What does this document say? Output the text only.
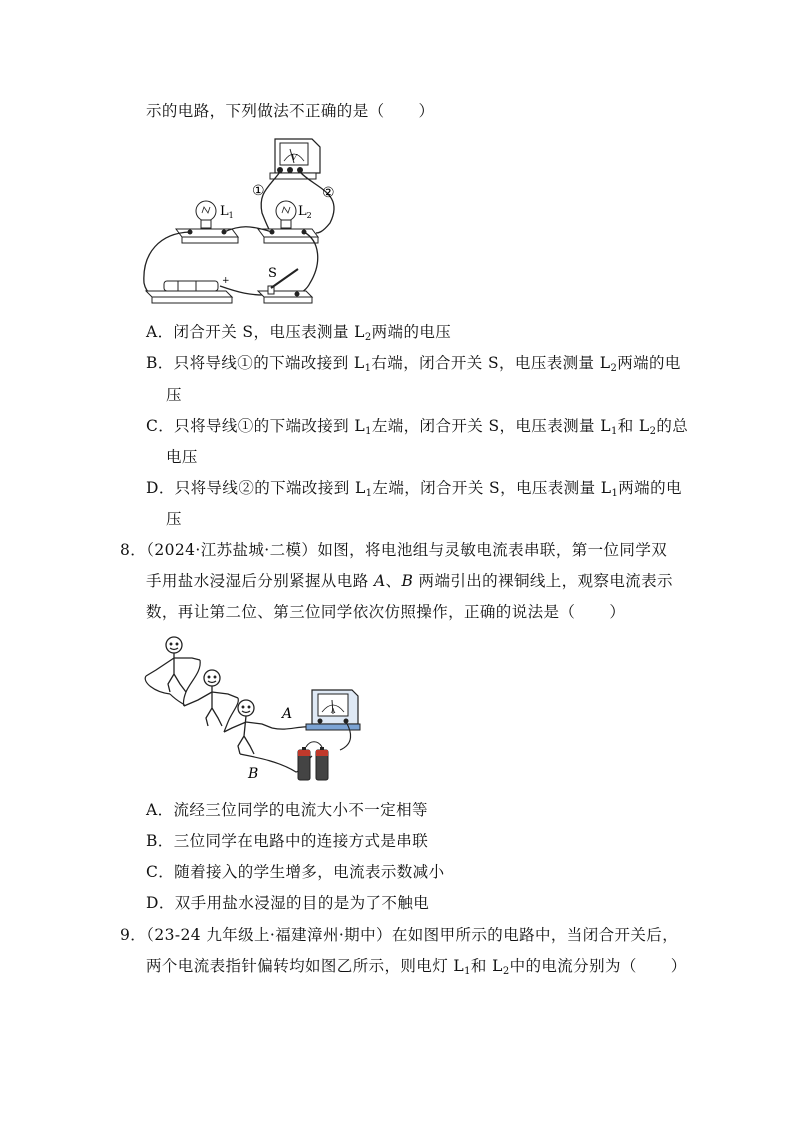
示的电路，下列做法不正确的是（ ）
V
①	②
$L_1$	$L_2$
+	S
A．闭合开关 S，电压表测量 $L_2$两端的电压
B．只将导线①的下端改接到 $L_1$右端，闭合开关 S，电压表测量 $L_2$两端的电
压
C．只将导线①的下端改接到 $L_1$左端，闭合开关 S，电压表测量 $L_1$和 $L_2$的总
电压
D．只将导线②的下端改接到 $L_1$左端，闭合开关 S，电压表测量 $L_1$两端的电
压
8．（2024·江苏盐城·二模）如图，将电池组与灵敏电流表串联，第一位同学双
手用盐水浸湿后分别紧握从电路 A、B 两端引出的裸铜线上，观察电流表示
数，再让第二位、第三位同学依次仿照操作，正确的说法是（ ）
A
B
A
A．流经三位同学的电流大小不一定相等
B．三位同学在电路中的连接方式是串联
C．随着接入的学生增多，电流表示数减小
D．双手用盐水浸湿的目的是为了不触电
9．（23-24 九年级上·福建漳州·期中）在如图甲所示的电路中，当闭合开关后，
两个电流表指针偏转均如图乙所示，则电灯 $L_1$和 $L_2$中的电流分别为（ ）
